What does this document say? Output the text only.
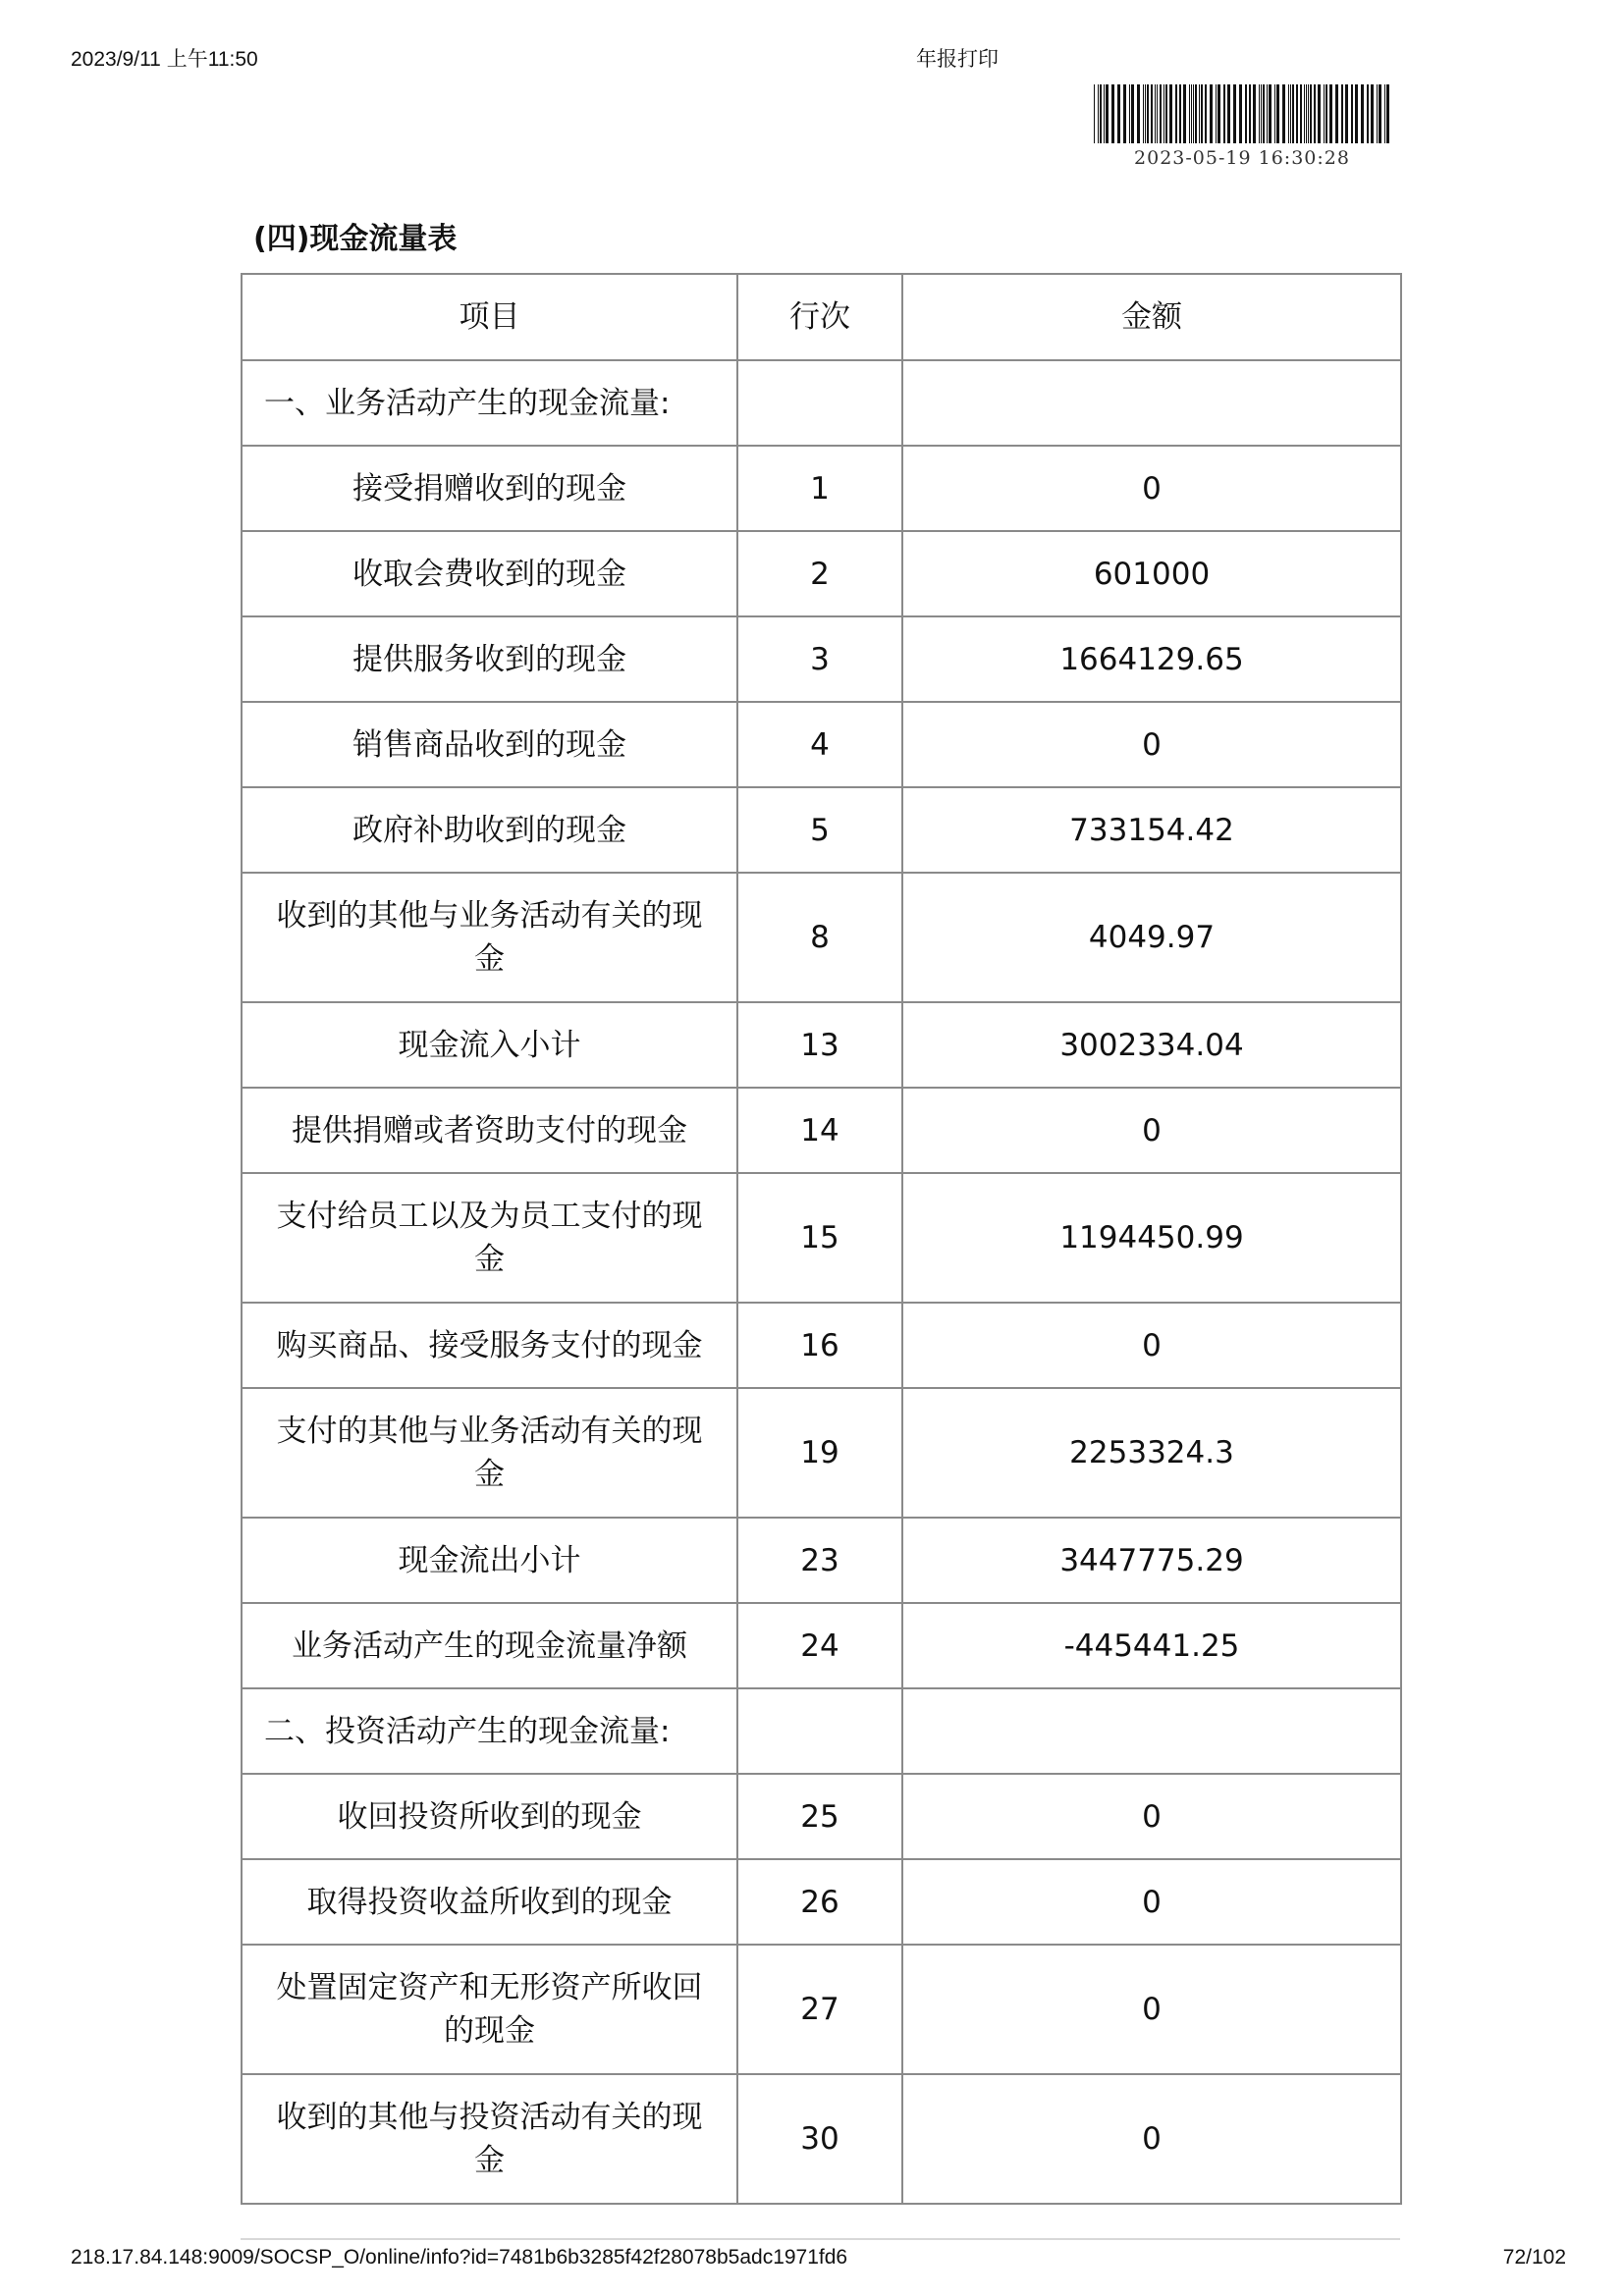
2023/9/11 上午11:50	年报打印
2023-05-19 16:30:28
(四)现金流量表
项目	行次	金额
一、业务活动产生的现金流量:		
接受捐赠收到的现金	1	0
收取会费收到的现金	2	601000
提供服务收到的现金	3	1664129.65
销售商品收到的现金	4	0
政府补助收到的现金	5	733154.42
收到的其他与业务活动有关的现金	8	4049.97
现金流入小计	13	3002334.04
提供捐赠或者资助支付的现金	14	0
支付给员工以及为员工支付的现金	15	1194450.99
购买商品、接受服务支付的现金	16	0
支付的其他与业务活动有关的现金	19	2253324.3
现金流出小计	23	3447775.29
业务活动产生的现金流量净额	24	-445441.25
二、投资活动产生的现金流量:		
收回投资所收到的现金	25	0
取得投资收益所收到的现金	26	0
处置固定资产和无形资产所收回的现金	27	0
收到的其他与投资活动有关的现金	30	0
218.17.84.148:9009/SOCSP_O/online/info?id=7481b6b3285f42f28078b5adc1971fd6	72/102
